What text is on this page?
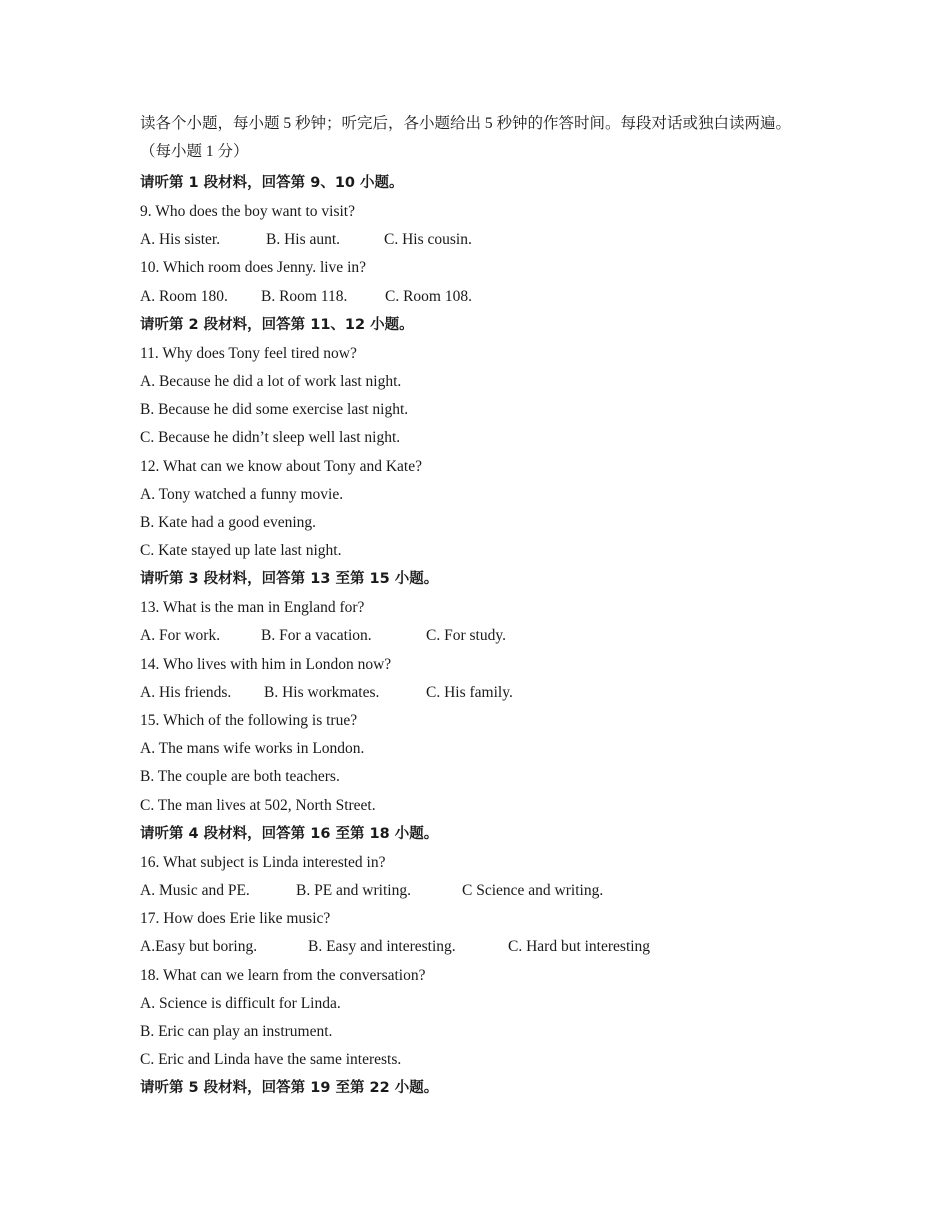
读各个小题，每小题 5 秒钟；听完后，各小题给出 5 秒钟的作答时间。每段对话或独白读两遍。（每小题 1 分）

请听第 1 段材料，回答第 9、10 小题。
9. Who does the boy want to visit?
A. His sister.	B. His aunt.	C. His cousin.
10. Which room does Jenny. live in?
A. Room 180.	B. Room 118.	C. Room 108.
请听第 2 段材料，回答第 11、12 小题。
11. Why does Tony feel tired now?
A. Because he did a lot of work last night.
B. Because he did some exercise last night.
C. Because he didn’t sleep well last night.
12. What can we know about Tony and Kate?
A. Tony watched a funny movie.
B. Kate had a good evening.
C. Kate stayed up late last night.
请听第 3 段材料，回答第 13 至第 15 小题。
13. What is the man in England for?
A. For work.	B. For a vacation.	C. For study.
14. Who lives with him in London now?
A. His friends.	B. His workmates.	C. His family.
15. Which of the following is true?
A. The mans wife works in London.
B. The couple are both teachers.
C. The man lives at 502, North Street.
请听第 4 段材料，回答第 16 至第 18 小题。
16. What subject is Linda interested in?
A. Music and PE.	B. PE and writing.	C Science and writing.
17. How does Erie like music?
A.Easy but boring.	B. Easy and interesting.	C. Hard but interesting
18. What can we learn from the conversation?
A. Science is difficult for Linda.
B. Eric can play an instrument.
C. Eric and Linda have the same interests.
请听第 5 段材料，回答第 19 至第 22 小题。
